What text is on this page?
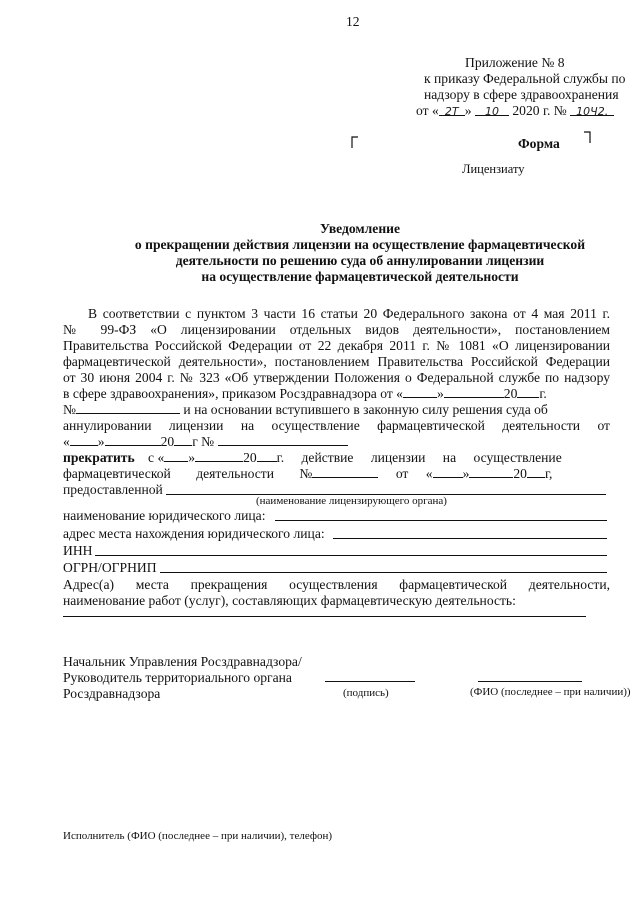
12
Приложение № 8
к приказу Федеральной службы по
надзору в сфере здравоохранения
от « 2Т » 10 2020 г. № 10Ч2.
Форма
Лицензиату
Уведомление
о прекращении действия лицензии на осуществление фармацевтической
деятельности по решению суда об аннулировании лицензии
на осуществление фармацевтической деятельности
В соответствии с пунктом 3 части 16 статьи 20 Федерального закона от 4 мая 2011 г.
№ 99-ФЗ «О лицензировании отдельных видов деятельности», постановлением
Правительства Российской Федерации от 22 декабря 2011 г. № 1081 «О лицензировании
фармацевтической деятельности», постановлением Правительства Российской Федерации
от 30 июня 2004 г. № 323 «Об утверждении Положения о Федеральной службе по надзору
в сфере здравоохранения», приказом Росздравнадзора от «	»	20 г.
№	и на основании вступившего в законную силу решения суда об
аннулировании лицензии на осуществление фармацевтической деятельности от
« »	20 г №
прекратить с « »	20 г. действие лицензии на осуществление
фармацевтической деятельности №	от « »	20 г,
предоставленной
(наименование лицензирующего органа)
наименование юридического лица:
адрес места нахождения юридического лица:
ИНН
ОГРН/ОГРНИП
Адрес(а) места прекращения осуществления фармацевтической деятельности,
наименование работ (услуг), составляющих фармацевтическую деятельность:
Начальник Управления Росздравнадзора/
Руководитель территориального органа
Росздравнадзора	(подпись)	(ФИО (последнее – при наличии))
Исполнитель (ФИО (последнее – при наличии), телефон)
